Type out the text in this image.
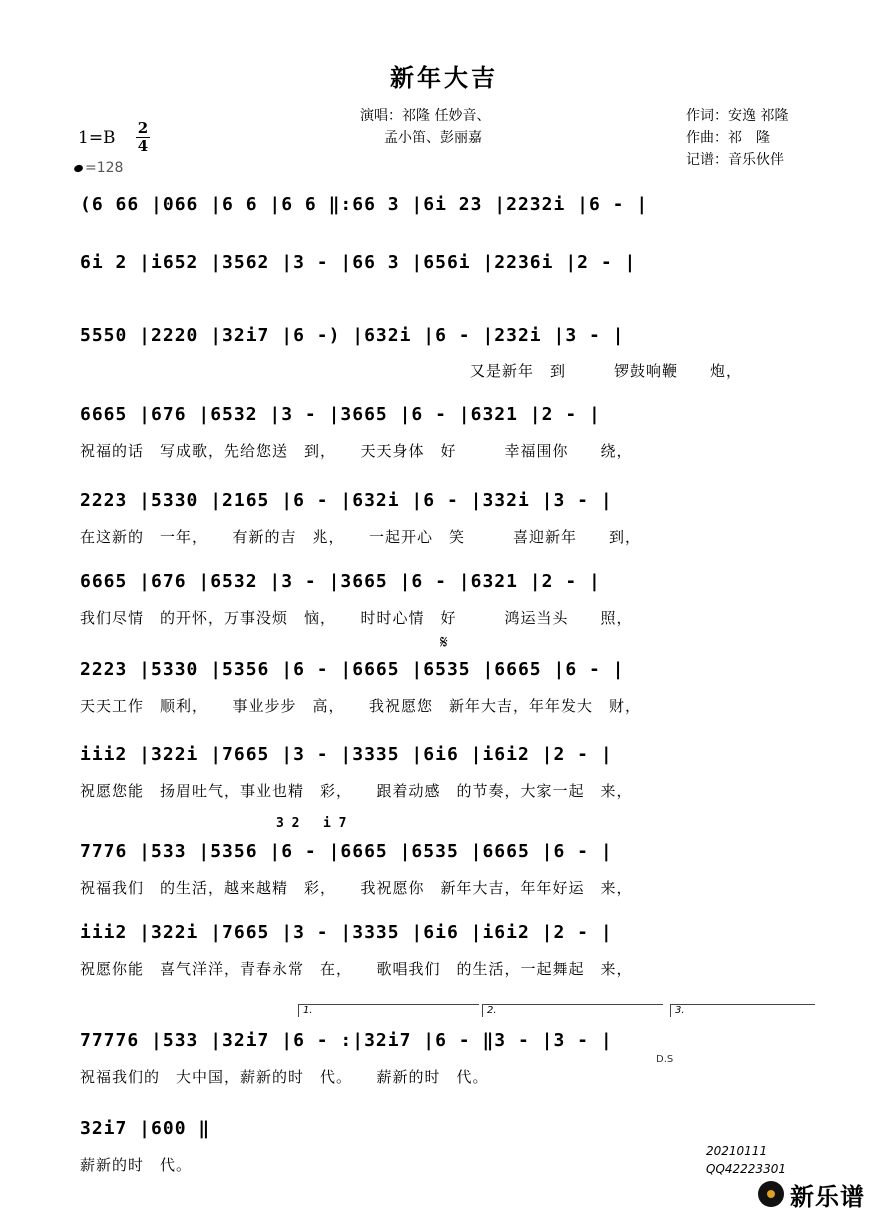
新年大吉
演唱：祁隆 任妙音、
孟小笛、彭丽嘉
作词：安逸 祁隆
作曲：祁　隆
记谱：音乐伙伴
$1=B \frac{2}{4}$
=128
(6 66 |066 |6 6 |6 6 ‖:66 3 |6i 23 |2232i |6 - |
6i 2 |i652 |3562 |3 - |66 3 |656i |2236i |2 - |
5550 |2220 |32i7 |6 -) |632i |6 - |232i |3 - |
又是新年　到　　　锣鼓响鞭　　炮，
6665 |676 |6532 |3 - |3665 |6 - |6321 |2 - |
祝福的话　写成歌，先给您送　到，　　天天身体　好　　　幸福围你　　绕，
2223 |5330 |2165 |6 - |632i |6 - |332i |3 - |
在这新的　一年，　　有新的吉　兆，　　一起开心　笑　　　喜迎新年　　到，
6665 |676 |6532 |3 - |3665 |6 - |6321 |2 - |
我们尽情　的开怀，万事没烦　恼，　　时时心情　好　　　鸿运当头　　照，
𝄋
2223 |5330 |5356 |6 - |6665 |6535 |6665 |6 - |
天天工作　顺利，　　事业步步　高，　　我祝愿您　新年大吉，年年发大　财，
iii2 |322i |7665 |3 - |3335 |6i6 |i6i2 |2 - |
祝愿您能　扬眉吐气，事业也精　彩，　　跟着动感　的节奏，大家一起　来，
3 2   i 7
7776 |533 |5356 |6 - |6665 |6535 |6665 |6 - |
祝福我们　的生活，越来越精　彩，　　我祝愿你　新年大吉，年年好运　来，
iii2 |322i |7665 |3 - |3335 |6i6 |i6i2 |2 - |
祝愿你能　喜气洋洋，青春永常　在，　　歌唱我们　的生活，一起舞起　来，
1.	2.	3.
77776 |533 |32i7 |6 - :|32i7 |6 - ‖3 - |3 - |
D.S
祝福我们的　大中国，薪新的时　代。　　薪新的时　代。
32i7 |600 ‖
薪新的时　代。
20210111
QQ42223301
新乐谱
